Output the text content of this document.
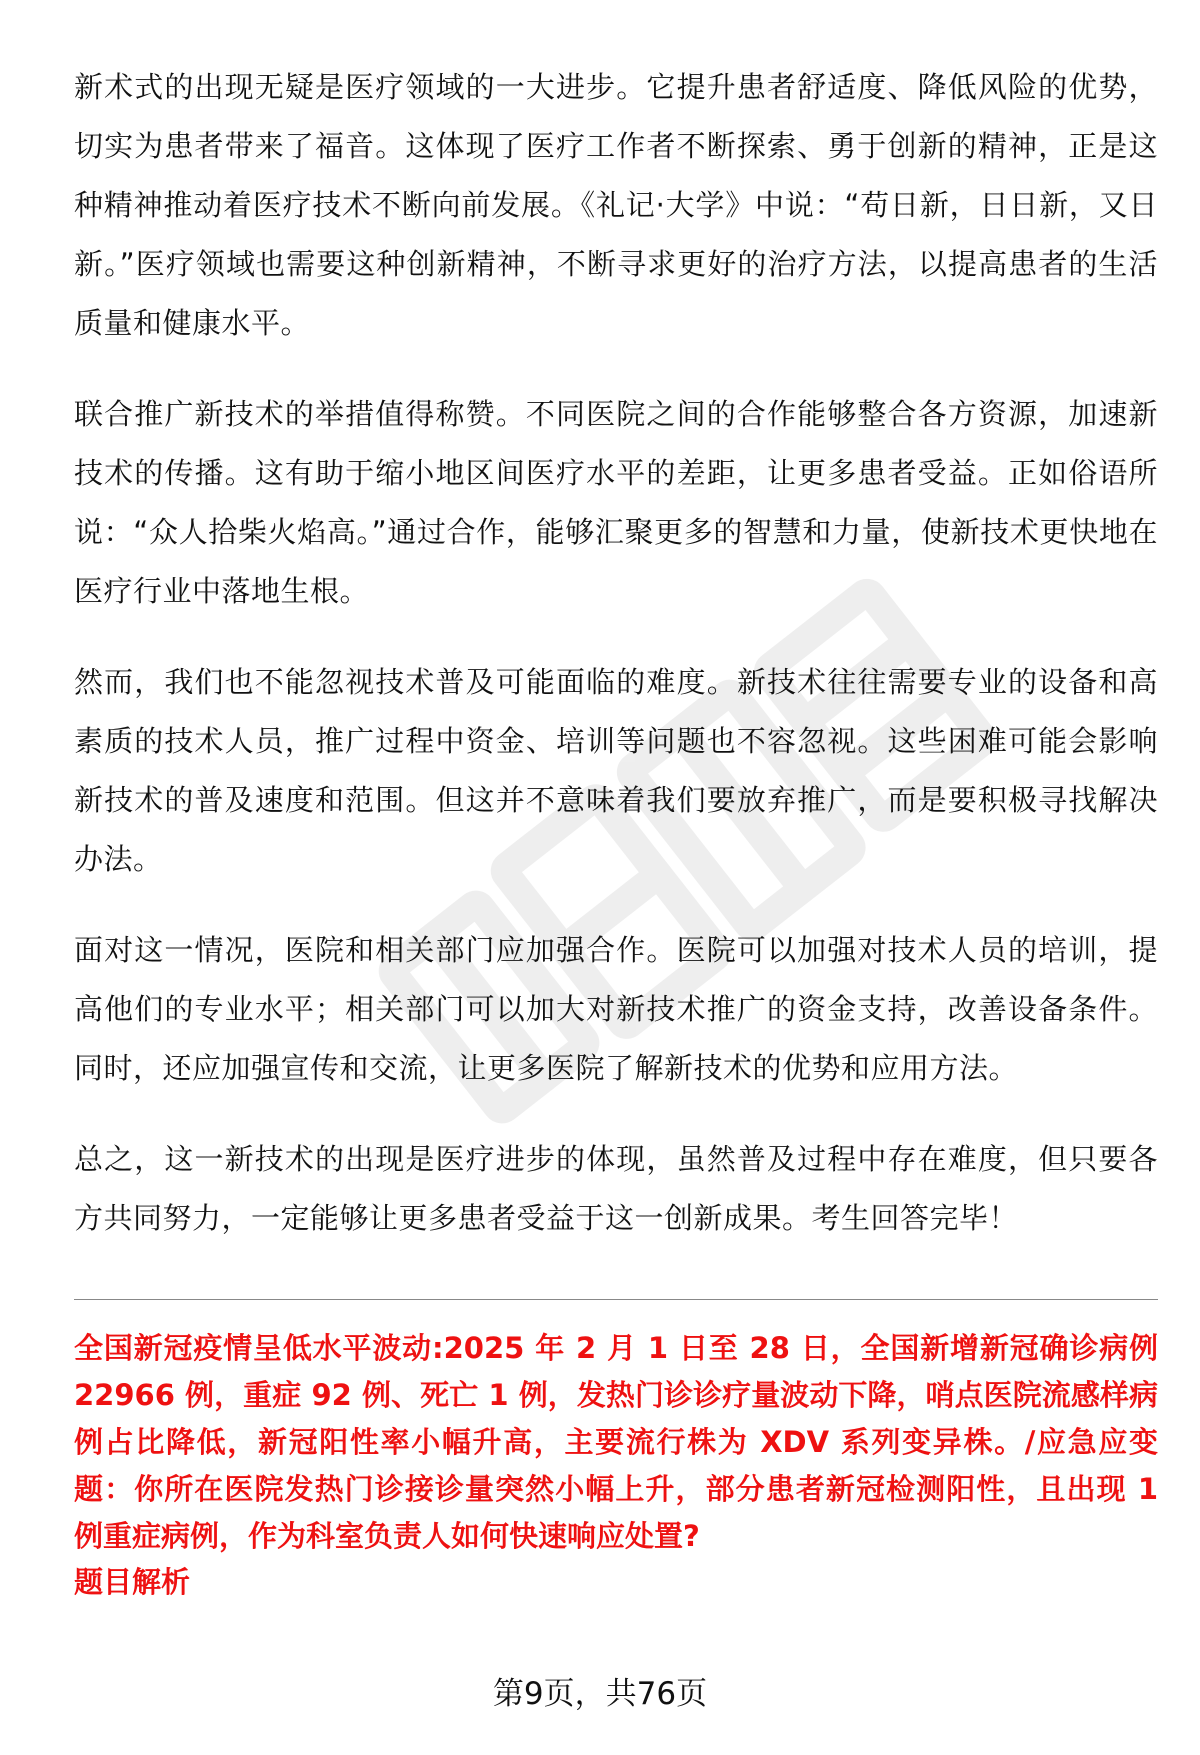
新术式的出现无疑是医疗领域的一大进步。它提升患者舒适度、降低风险的优势，切实为患者带来了福音。这体现了医疗工作者不断探索、勇于创新的精神，正是这种精神推动着医疗技术不断向前发展。《礼记·大学》中说：“苟日新，日日新，又日新。”医疗领域也需要这种创新精神，不断寻求更好的治疗方法，以提高患者的生活质量和健康水平。

联合推广新技术的举措值得称赞。不同医院之间的合作能够整合各方资源，加速新技术的传播。这有助于缩小地区间医疗水平的差距，让更多患者受益。正如俗语所说：“众人拾柴火焰高。”通过合作，能够汇聚更多的智慧和力量，使新技术更快地在医疗行业中落地生根。

然而，我们也不能忽视技术普及可能面临的难度。新技术往往需要专业的设备和高素质的技术人员，推广过程中资金、培训等问题也不容忽视。这些困难可能会影响新技术的普及速度和范围。但这并不意味着我们要放弃推广，而是要积极寻找解决办法。

面对这一情况，医院和相关部门应加强合作。医院可以加强对技术人员的培训，提高他们的专业水平；相关部门可以加大对新技术推广的资金支持，改善设备条件。同时，还应加强宣传和交流，让更多医院了解新技术的优势和应用方法。

总之，这一新技术的出现是医疗进步的体现，虽然普及过程中存在难度，但只要各方共同努力，一定能够让更多患者受益于这一创新成果。考生回答完毕！

全国新冠疫情呈低水平波动:2025 年 2 月 1 日至 28 日，全国新增新冠确诊病例 22966 例，重症 92 例、死亡 1 例，发热门诊诊疗量波动下降，哨点医院流感样病例占比降低，新冠阳性率小幅升高，主要流行株为 XDV 系列变异株。/应急应变题：你所在医院发热门诊接诊量突然小幅上升，部分患者新冠检测阳性，且出现 1 例重症病例，作为科室负责人如何快速响应处置?

题目解析

第9页，共76页
